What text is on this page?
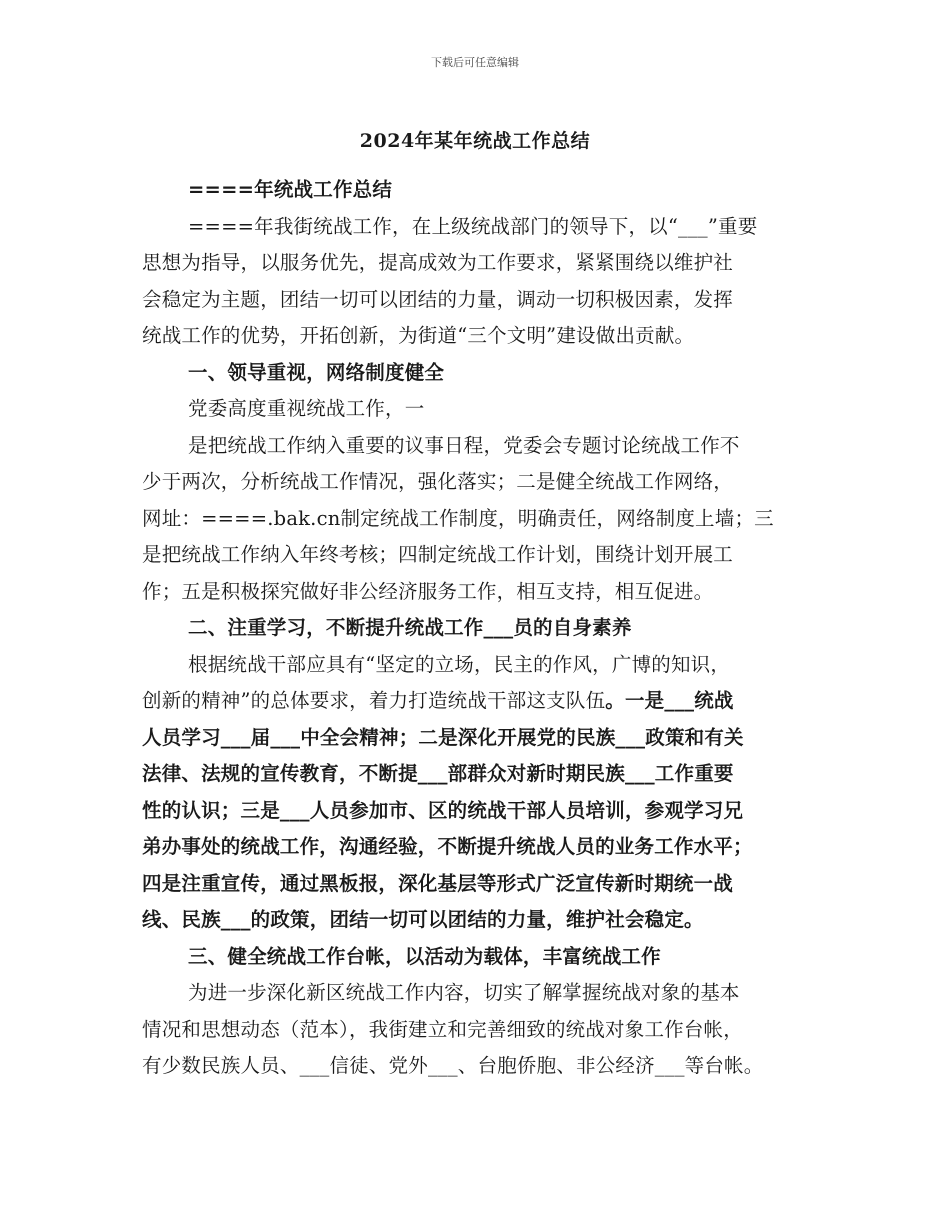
下载后可任意编辑
2024年某年统战工作总结
====年统战工作总结
====年我街统战工作，在上级统战部门的领导下，以“___”重要
思想为指导，以服务优先，提高成效为工作要求，紧紧围绕以维护社
会稳定为主题，团结一切可以团结的力量，调动一切积极因素，发挥
统战工作的优势，开拓创新，为街道“三个文明”建设做出贡献。
一、领导重视，网络制度健全
党委高度重视统战工作，一
是把统战工作纳入重要的议事日程，党委会专题讨论统战工作不
少于两次，分析统战工作情况，强化落实；二是健全统战工作网络，
网址：====.bak.cn制定统战工作制度，明确责任，网络制度上墙；三
是把统战工作纳入年终考核；四制定统战工作计划，围绕计划开展工
作；五是积极探究做好非公经济服务工作，相互支持，相互促进。
二、注重学习，不断提升统战工作___员的自身素养
根据统战干部应具有“坚定的立场，民主的作风，广博的知识，
创新的精神”的总体要求，着力打造统战干部这支队伍。一是___统战
人员学习___届___中全会精神；二是深化开展党的民族___政策和有关
法律、法规的宣传教育，不断提___部群众对新时期民族___工作重要
性的认识；三是___人员参加市、区的统战干部人员培训，参观学习兄
弟办事处的统战工作，沟通经验，不断提升统战人员的业务工作水平；
四是注重宣传，通过黑板报，深化基层等形式广泛宣传新时期统一战
线、民族___的政策，团结一切可以团结的力量，维护社会稳定。
三、健全统战工作台帐，以活动为载体，丰富统战工作
为进一步深化新区统战工作内容，切实了解掌握统战对象的基本
情况和思想动态（范本），我街建立和完善细致的统战对象工作台帐，
有少数民族人员、___信徒、党外___、台胞侨胞、非公经济___等台帐。
